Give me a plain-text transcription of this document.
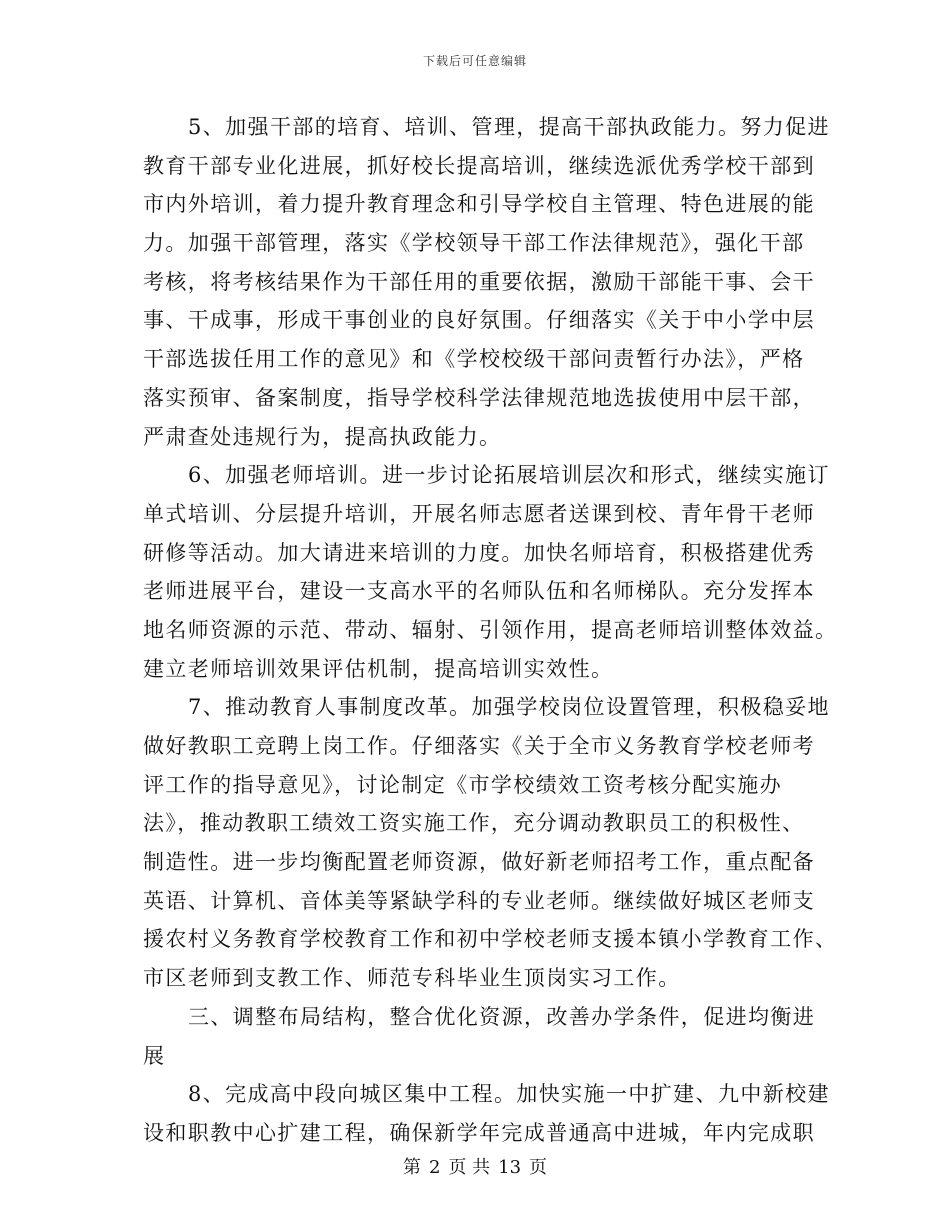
下载后可任意编辑
5、加强干部的培育、培训、管理，提高干部执政能力。努力促进
教育干部专业化进展，抓好校长提高培训，继续选派优秀学校干部到
市内外培训，着力提升教育理念和引导学校自主管理、特色进展的能
力。加强干部管理，落实《学校领导干部工作法律规范》，强化干部
考核，将考核结果作为干部任用的重要依据，激励干部能干事、会干
事、干成事，形成干事创业的良好氛围。仔细落实《关于中小学中层
干部选拔任用工作的意见》和《学校校级干部问责暂行办法》，严格
落实预审、备案制度，指导学校科学法律规范地选拔使用中层干部，
严肃查处违规行为，提高执政能力。
6、加强老师培训。进一步讨论拓展培训层次和形式，继续实施订
单式培训、分层提升培训，开展名师志愿者送课到校、青年骨干老师
研修等活动。加大请进来培训的力度。加快名师培育，积极搭建优秀
老师进展平台，建设一支高水平的名师队伍和名师梯队。充分发挥本
地名师资源的示范、带动、辐射、引领作用，提高老师培训整体效益。
建立老师培训效果评估机制，提高培训实效性。
7、推动教育人事制度改革。加强学校岗位设置管理，积极稳妥地
做好教职工竞聘上岗工作。仔细落实《关于全市义务教育学校老师考
评工作的指导意见》，讨论制定《市学校绩效工资考核分配实施办
法》，推动教职工绩效工资实施工作，充分调动教职员工的积极性、
制造性。进一步均衡配置老师资源，做好新老师招考工作，重点配备
英语、计算机、音体美等紧缺学科的专业老师。继续做好城区老师支
援农村义务教育学校教育工作和初中学校老师支援本镇小学教育工作、
市区老师到支教工作、师范专科毕业生顶岗实习工作。
三、调整布局结构，整合优化资源，改善办学条件，促进均衡进
展
8、完成高中段向城区集中工程。加快实施一中扩建、九中新校建
设和职教中心扩建工程，确保新学年完成普通高中进城，年内完成职
第 2 页 共 13 页
